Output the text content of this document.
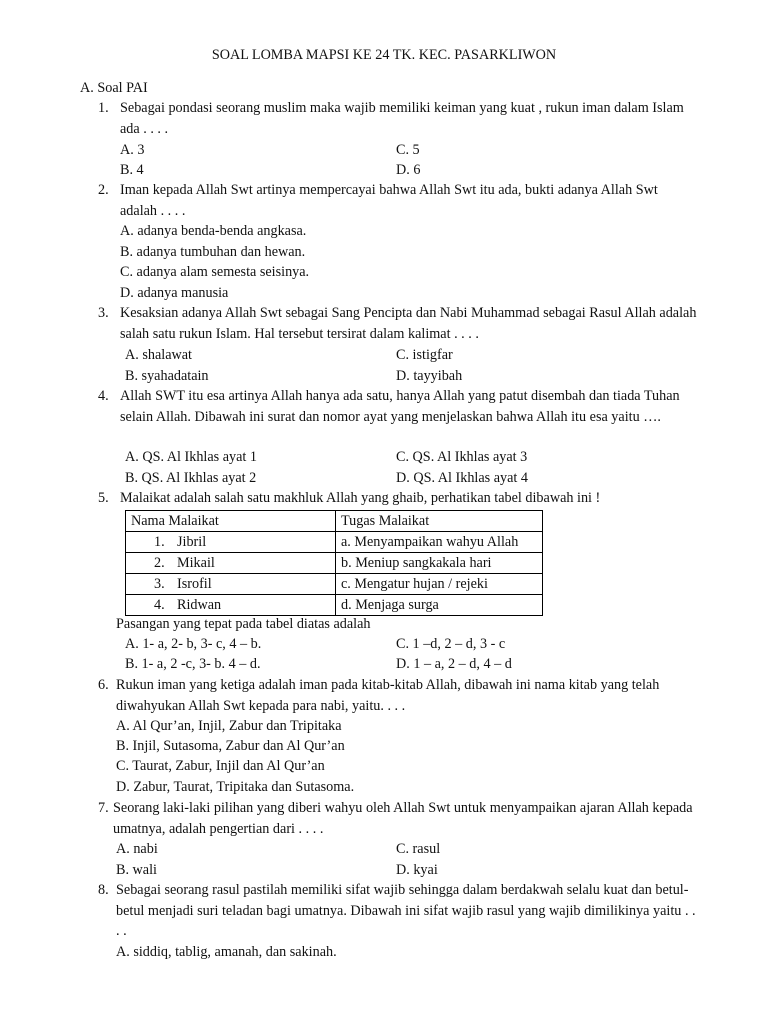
SOAL LOMBA MAPSI KE 24 TK. KEC. PASARKLIWON
A. Soal PAI
1. Sebagai pondasi seorang muslim maka wajib memiliki keiman yang kuat , rukun iman dalam Islam ada . . . .
A. 3	C. 5
B. 4	D. 6
2. Iman kepada Allah Swt artinya mempercayai bahwa Allah Swt itu ada, bukti adanya Allah Swt adalah . . . .
A. adanya benda-benda angkasa.
B. adanya tumbuhan dan hewan.
C. adanya alam semesta seisinya.
D. adanya manusia
3. Kesaksian adanya Allah Swt sebagai Sang Pencipta dan Nabi Muhammad sebagai Rasul Allah adalah salah satu rukun Islam. Hal tersebut tersirat dalam kalimat . . . .
A. shalawat	C. istigfar
B. syahadatain	D. tayyibah
4. Allah SWT itu esa artinya Allah hanya ada satu, hanya Allah yang patut disembah dan tiada Tuhan selain Allah. Dibawah ini surat dan nomor ayat yang menjelaskan bahwa Allah itu esa yaitu ….
A. QS. Al Ikhlas ayat 1	C. QS. Al Ikhlas ayat 3
B. QS. Al Ikhlas ayat 2	D. QS. Al Ikhlas ayat 4
5. Malaikat adalah salah satu makhluk Allah yang ghaib, perhatikan tabel dibawah ini !
Nama Malaikat	Tugas Malaikat
1. Jibril	a. Menyampaikan wahyu Allah
2. Mikail	b. Meniup sangkakala hari
3. Isrofil	c. Mengatur hujan / rejeki
4. Ridwan	d. Menjaga surga
Pasangan yang tepat pada tabel diatas adalah
A. 1- a, 2- b, 3- c, 4 – b.	C. 1 –d, 2 – d, 3 - c
B. 1- a, 2 -c, 3- b. 4 – d.	D. 1 – a, 2 – d, 4 – d
6. Rukun iman yang ketiga adalah iman pada kitab-kitab Allah, dibawah ini nama kitab yang telah diwahyukan Allah Swt kepada para nabi, yaitu. . . .
A. Al Qur’an, Injil, Zabur dan Tripitaka
B. Injil, Sutasoma, Zabur dan Al Qur’an
C. Taurat, Zabur, Injil dan Al Qur’an
D. Zabur, Taurat, Tripitaka dan Sutasoma.
7. Seorang laki-laki pilihan yang diberi wahyu oleh Allah Swt untuk menyampaikan ajaran Allah kepada umatnya, adalah pengertian dari . . . .
A. nabi	C. rasul
B. wali	D. kyai
8. Sebagai seorang rasul pastilah memiliki sifat wajib sehingga dalam berdakwah selalu kuat dan betul-betul menjadi suri teladan bagi umatnya. Dibawah ini sifat wajib rasul yang wajib dimilikinya yaitu . . . .
A. siddiq, tablig, amanah, dan sakinah.
